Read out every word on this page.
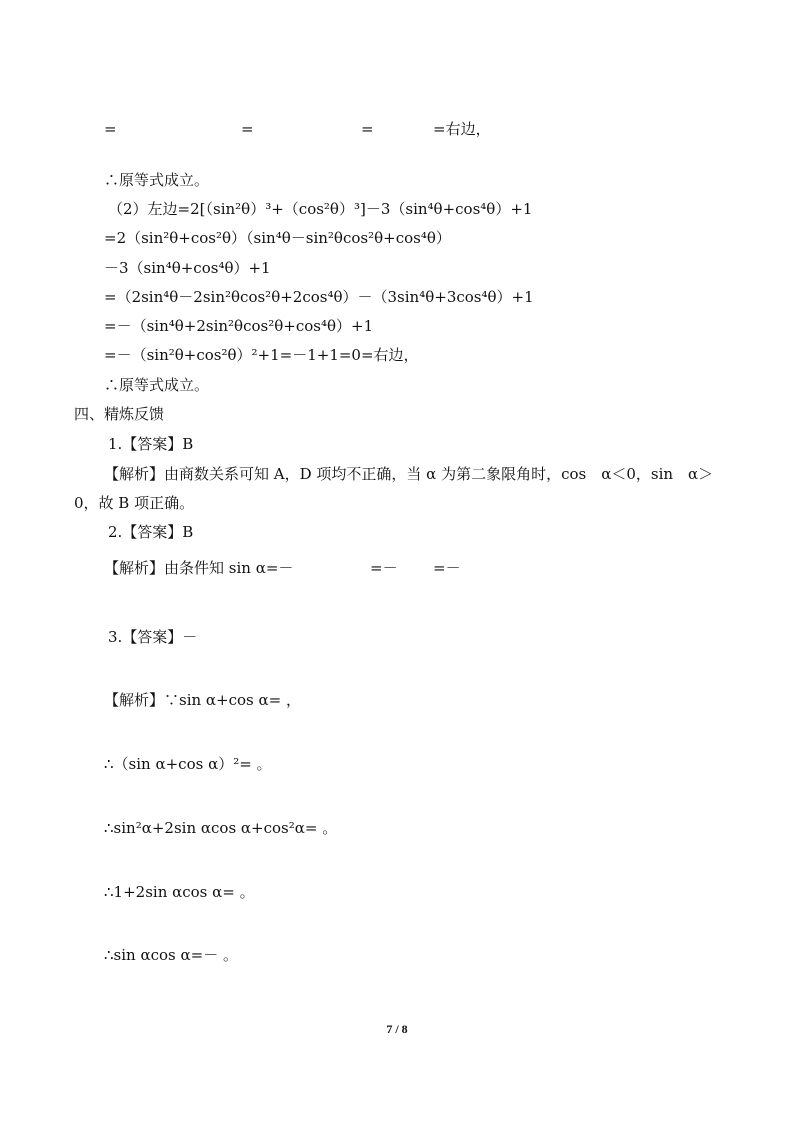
=	=	=	=右边，
∴原等式成立。
（2）左边=2[（sin²θ）³+（cos²θ）³]－3（sin⁴θ+cos⁴θ）+1
=2（sin²θ+cos²θ）（sin⁴θ－sin²θcos²θ+cos⁴θ）
－3（sin⁴θ+cos⁴θ）+1
=（2sin⁴θ－2sin²θcos²θ+2cos⁴θ）－（3sin⁴θ+3cos⁴θ）+1
=－（sin⁴θ+2sin²θcos²θ+cos⁴θ）+1
=－（sin²θ+cos²θ）²+1=－1+1=0=右边，
∴原等式成立。
四、精炼反馈
1.【答案】B
【解析】由商数关系可知 A，D 项均不正确，当 α 为第二象限角时，cos　α＜0，sin　α＞
0，故 B 项正确。
2.【答案】B
【解析】由条件知 sin α=－	=－ =－
3.【答案】－
【解析】∵sin α+cos α= ，
∴（sin α+cos α）²= 。
∴sin²α+2sin αcos α+cos²α= 。
∴1+2sin αcos α= 。
∴sin αcos α=－ 。
7 / 8
